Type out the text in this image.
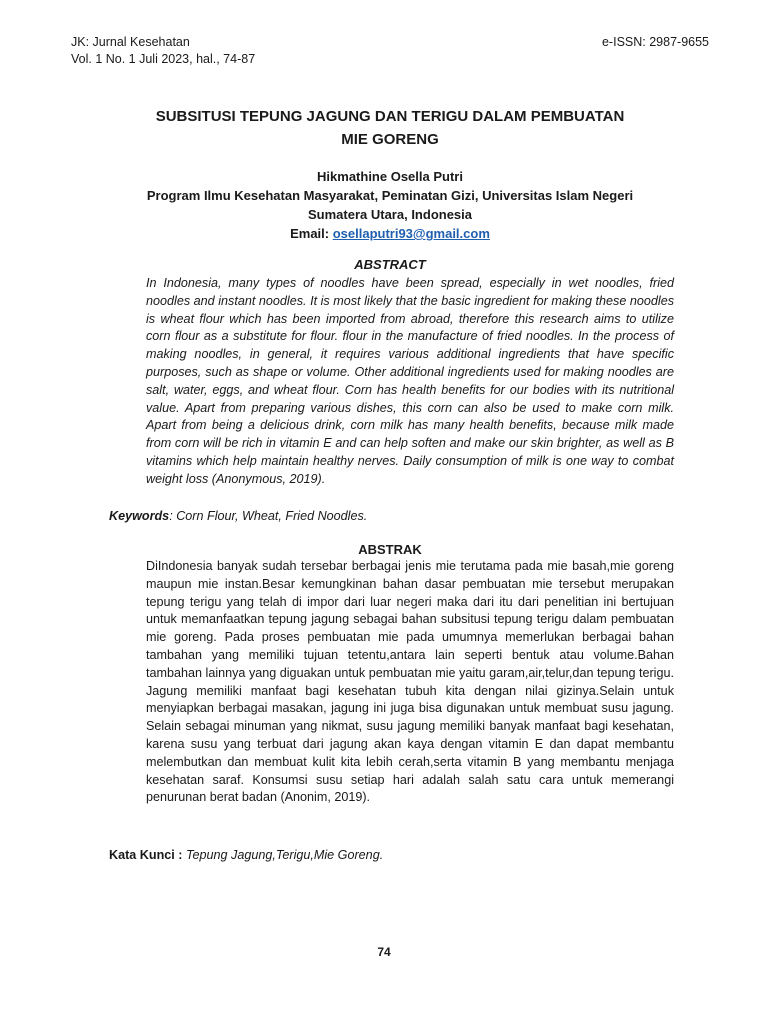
JK: Jurnal Kesehatan
Vol. 1 No. 1 Juli 2023, hal., 74-87
e-ISSN: 2987-9655
SUBSITUSI TEPUNG JAGUNG DAN TERIGU DALAM PEMBUATAN
MIE GORENG
Hikmathine Osella Putri
Program Ilmu Kesehatan Masyarakat, Peminatan Gizi, Universitas Islam Negeri
Sumatera Utara, Indonesia
Email: osellaputri93@gmail.com
ABSTRACT
In Indonesia, many types of noodles have been spread, especially in wet noodles, fried noodles and instant noodles. It is most likely that the basic ingredient for making these noodles is wheat flour which has been imported from abroad, therefore this research aims to utilize corn flour as a substitute for flour. flour in the manufacture of fried noodles. In the process of making noodles, in general, it requires various additional ingredients that have specific purposes, such as shape or volume. Other additional ingredients used for making noodles are salt, water, eggs, and wheat flour. Corn has health benefits for our bodies with its nutritional value. Apart from preparing various dishes, this corn can also be used to make corn milk. Apart from being a delicious drink, corn milk has many health benefits, because milk made from corn will be rich in vitamin E and can help soften and make our skin brighter, as well as B vitamins which help maintain healthy nerves. Daily consumption of milk is one way to combat weight loss (Anonymous, 2019).
Keywords: Corn Flour, Wheat, Fried Noodles.
ABSTRAK
DiIndonesia banyak sudah tersebar berbagai jenis mie terutama pada mie basah,mie goreng maupun mie instan.Besar kemungkinan bahan dasar pembuatan mie tersebut merupakan tepung terigu yang telah di impor dari luar negeri maka dari itu dari penelitian ini bertujuan untuk memanfaatkan tepung jagung sebagai bahan subsitusi tepung terigu dalam pembuatan mie goreng. Pada proses pembuatan mie pada umumnya memerlukan berbagai bahan tambahan yang memiliki tujuan tetentu,antara lain seperti bentuk atau volume.Bahan tambahan lainnya yang diguakan untuk pembuatan mie yaitu garam,air,telur,dan tepung terigu. Jagung memiliki manfaat bagi kesehatan tubuh kita dengan nilai gizinya.Selain untuk menyiapkan berbagai masakan, jagung ini juga bisa digunakan untuk membuat susu jagung. Selain sebagai minuman yang nikmat, susu jagung memiliki banyak manfaat bagi kesehatan, karena susu yang terbuat dari jagung akan kaya dengan vitamin E dan dapat membantu melembutkan dan membuat kulit kita lebih cerah,serta vitamin B yang membantu menjaga kesehatan saraf. Konsumsi susu setiap hari adalah salah satu cara untuk memerangi penurunan berat badan (Anonim, 2019).
Kata Kunci : Tepung Jagung,Terigu,Mie Goreng.
74
